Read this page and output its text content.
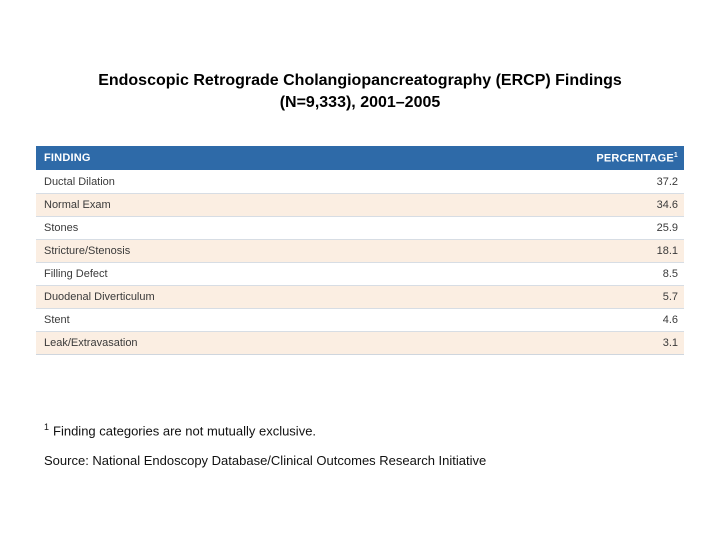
Endoscopic Retrograde Cholangiopancreatography (ERCP) Findings
(N=9,333), 2001–2005
FINDING	PERCENTAGE$^1$
Ductal Dilation	37.2
Normal Exam	34.6
Stones	25.9
Stricture/Stenosis	18.1
Filling Defect	8.5
Duodenal Diverticulum	5.7
Stent	4.6
Leak/Extravasation	3.1
$^1$ Finding categories are not mutually exclusive.
Source: National Endoscopy Database/Clinical Outcomes Research Initiative
